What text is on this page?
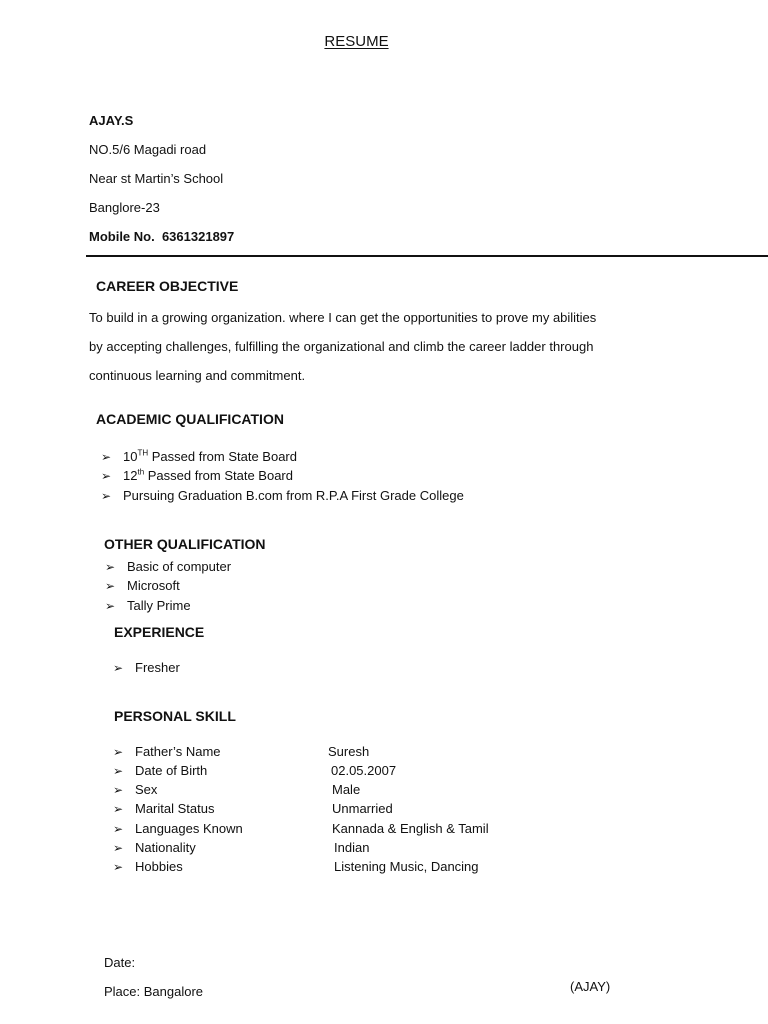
RESUME
AJAY.S
NO.5/6 Magadi road
Near st Martin’s School
Banglore-23
Mobile No. 6361321897
CAREER OBJECTIVE
To build in a growing organization. where I can get the opportunities to prove my abilities
by accepting challenges, fulfilling the organizational and climb the career ladder through
continuous learning and commitment.
ACADEMIC QUALIFICATION
➢ 10TH Passed from State Board
➢ 12th Passed from State Board
➢ Pursuing Graduation B.com from R.P.A First Grade College
OTHER QUALIFICATION
➢ Basic of computer
➢ Microsoft
➢ Tally Prime
EXPERIENCE
➢ Fresher
PERSONAL SKILL
➢ Father’s Name	Suresh
➢ Date of Birth	02.05.2007
➢ Sex	Male
➢ Marital Status	Unmarried
➢ Languages Known	Kannada & English & Tamil
➢ Nationality	Indian
➢ Hobbies	Listening Music, Dancing
Date:
Place: Bangalore	(AJAY)
